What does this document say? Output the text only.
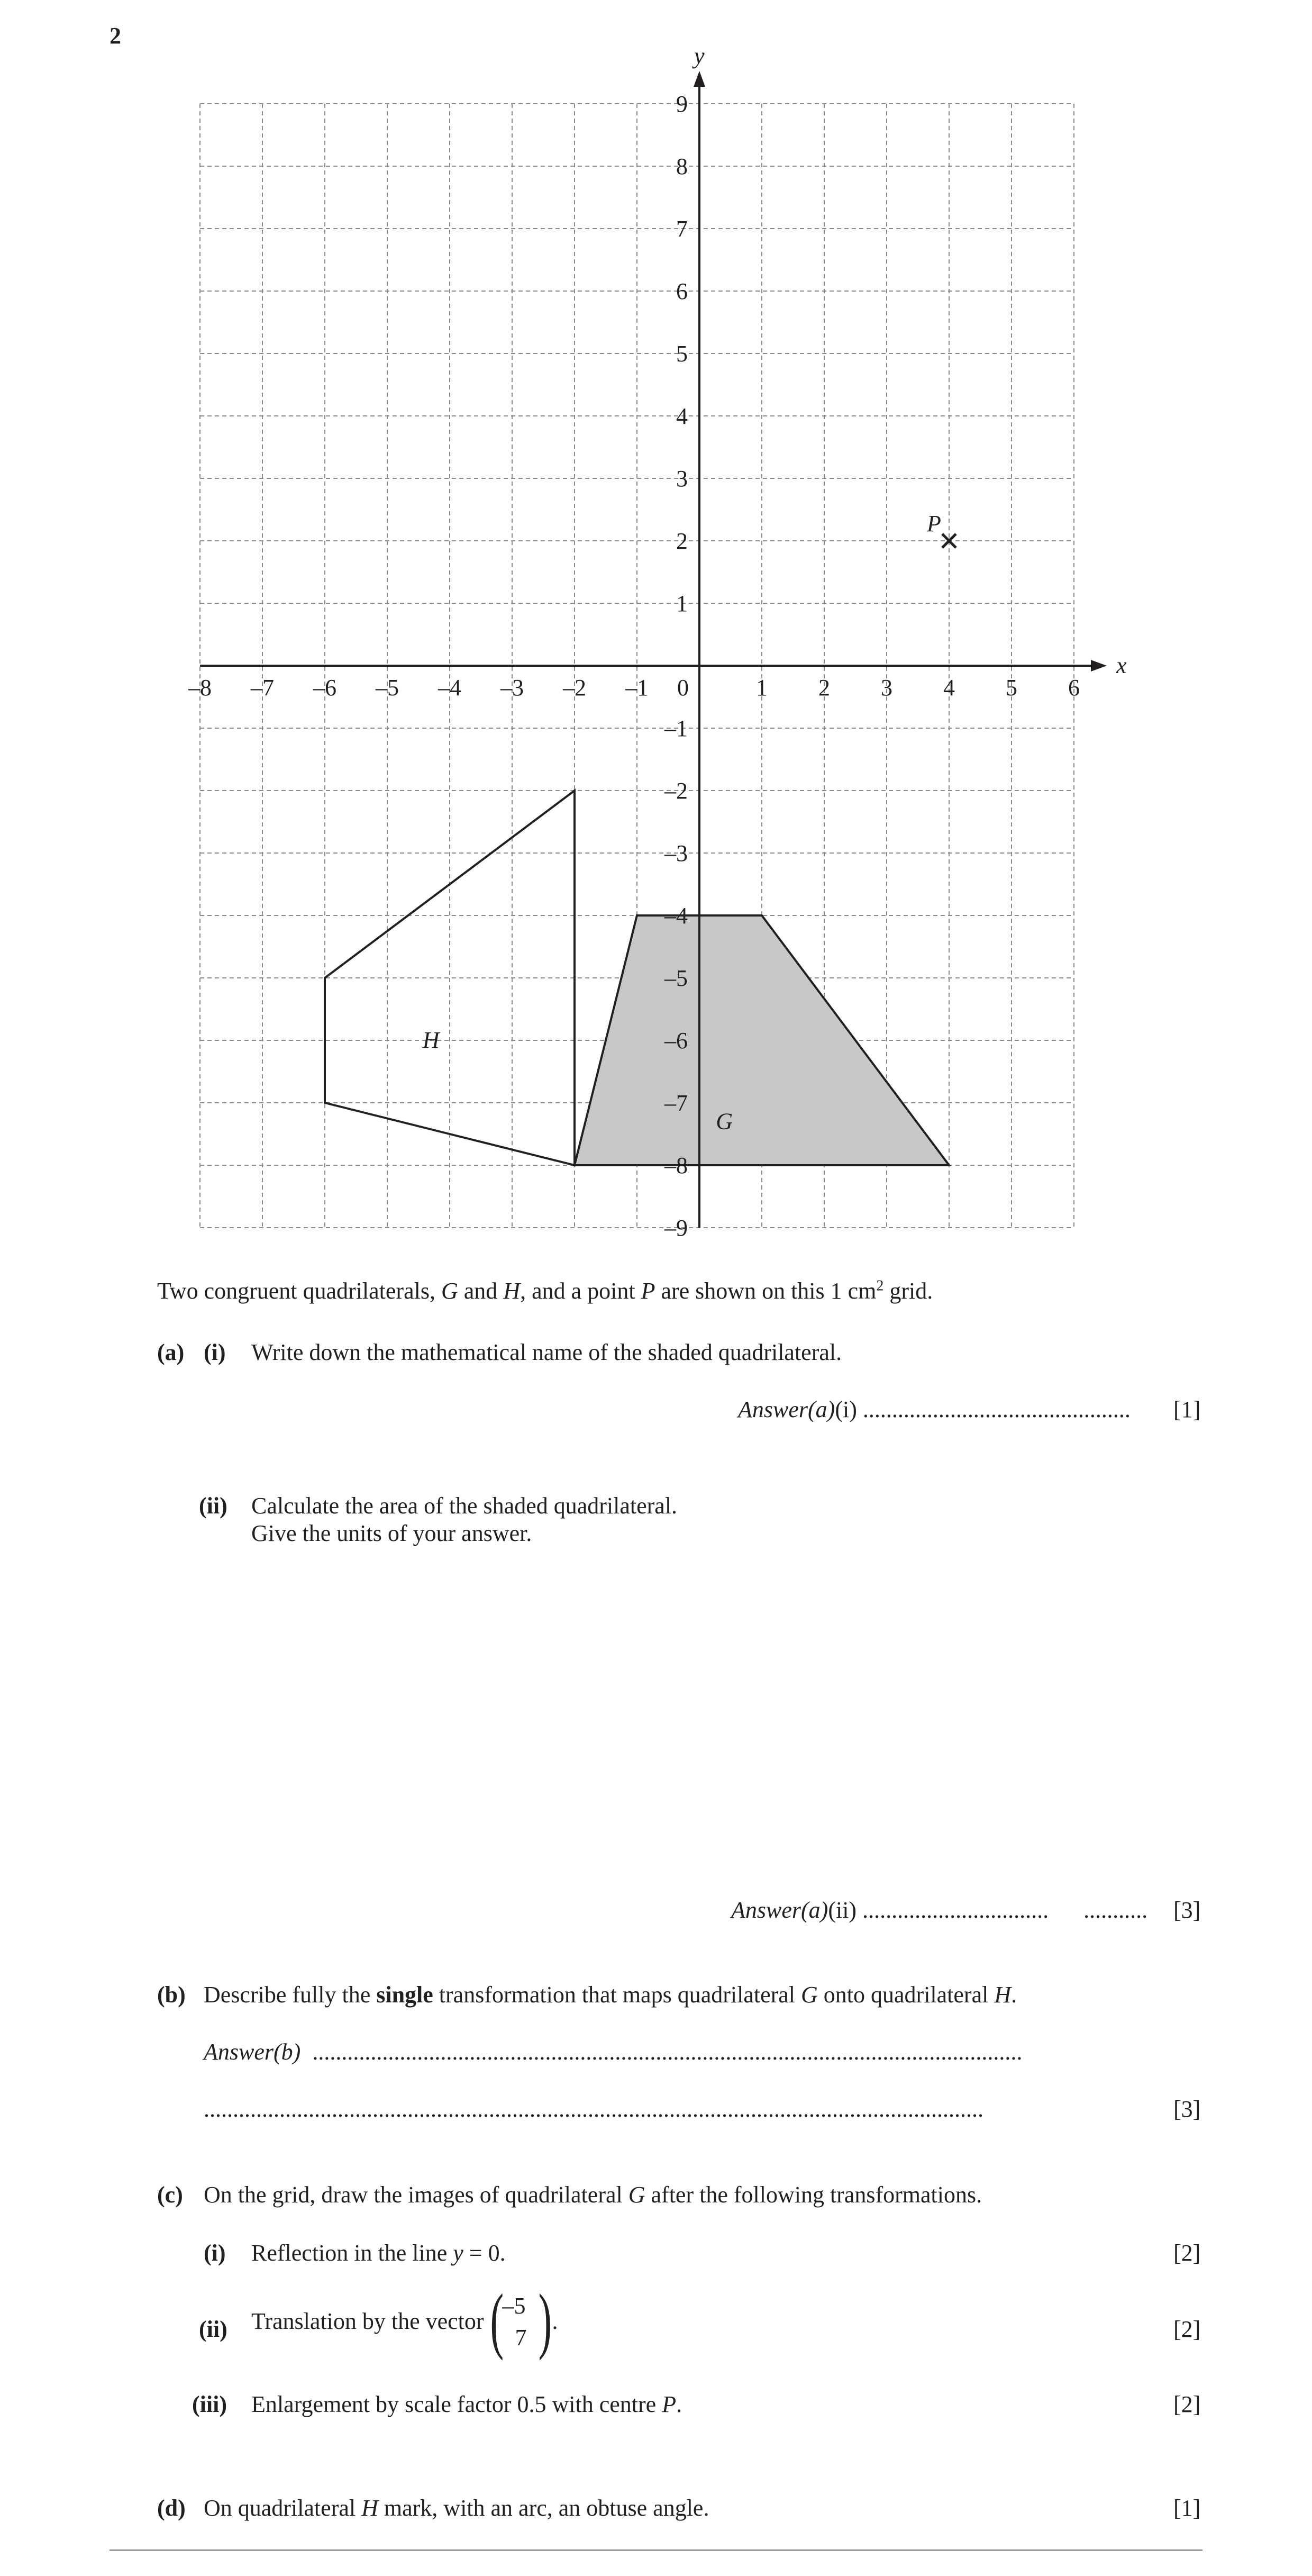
2
G
H
P
x
y
0
–8 –7 –6 –5 –4 –3 –2 –1	1 2 3 4 5 6
9
8
7
6
5
4
3
2
1
–1
–2
–3
–4
–5
–6
–7
–8
–9
Two congruent quadrilaterals, G and H, and a point P are shown on this 1 $cm^2$ grid.
(a) (i) Write down the mathematical name of the shaded quadrilateral.
Answer(a)(i) .............................................. [1]
(ii) Calculate the area of the shaded quadrilateral.
Give the units of your answer.
Answer(a)(ii) ................................ ........... [3]
(b) Describe fully the single transformation that maps quadrilateral G onto quadrilateral H.
Answer(b) ..........................................................................................................................
......................................................................................................................................	[3]
(c) On the grid, draw the images of quadrilateral G after the following transformations.
(i) Reflection in the line y = 0.	[2]
(ii) Translation by the vector (
–5
7 ) .	[2]
(iii) Enlargement by scale factor 0.5 with centre P.	[2]
(d) On quadrilateral H mark, with an arc, an obtuse angle.	[1]
